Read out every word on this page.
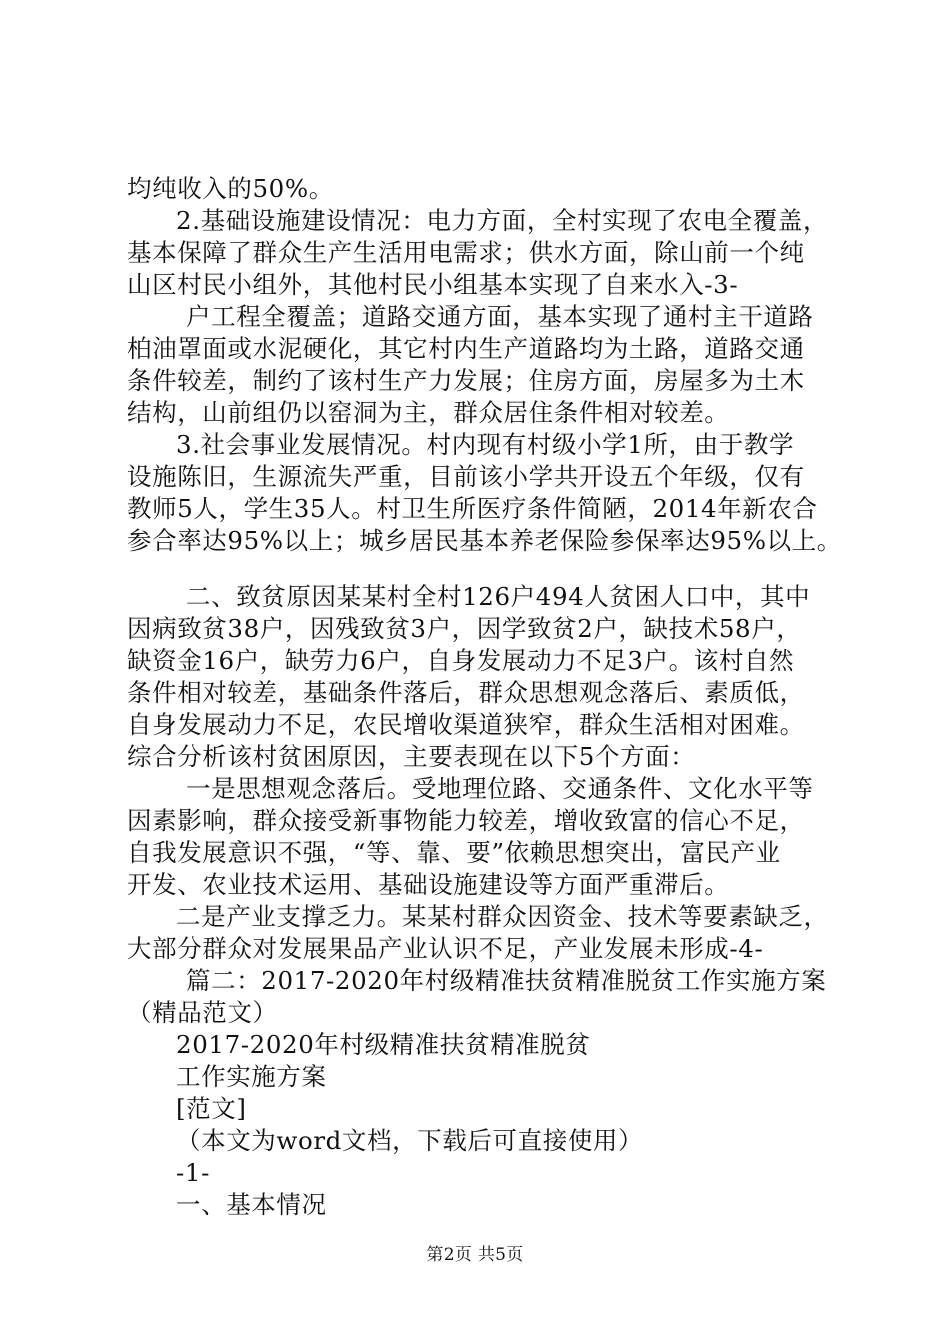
均纯收入的50%。
2.基础设施建设情况：电力方面，全村实现了农电全覆盖，
基本保障了群众生产生活用电需求；供水方面，除山前一个纯
山区村民小组外，其他村民小组基本实现了自来水入-3-
户工程全覆盖；道路交通方面，基本实现了通村主干道路
柏油罩面或水泥硬化，其它村内生产道路均为土路，道路交通
条件较差，制约了该村生产力发展；住房方面，房屋多为土木
结构，山前组仍以窑洞为主，群众居住条件相对较差。
3.社会事业发展情况。村内现有村级小学1所，由于教学
设施陈旧，生源流失严重，目前该小学共开设五个年级，仅有
教师5人，学生35人。村卫生所医疗条件简陋，2014年新农合
参合率达95%以上；城乡居民基本养老保险参保率达95%以上。
二、致贫原因某某村全村126户494人贫困人口中，其中
因病致贫38户，因残致贫3户，因学致贫2户，缺技术58户，
缺资金16户，缺劳力6户，自身发展动力不足3户。该村自然
条件相对较差，基础条件落后，群众思想观念落后、素质低，
自身发展动力不足，农民增收渠道狭窄，群众生活相对困难。
综合分析该村贫困原因，主要表现在以下5个方面：
一是思想观念落后。受地理位路、交通条件、文化水平等
因素影响，群众接受新事物能力较差，增收致富的信心不足，
自我发展意识不强，“等、靠、要”依赖思想突出，富民产业
开发、农业技术运用、基础设施建设等方面严重滞后。
二是产业支撑乏力。某某村群众因资金、技术等要素缺乏，
大部分群众对发展果品产业认识不足，产业发展未形成-4-
篇二：2017-2020年村级精准扶贫精准脱贫工作实施方案
（精品范文）
2017-2020年村级精准扶贫精准脱贫
工作实施方案
[范文]
（本文为word文档，下载后可直接使用）
-1-
一、基本情况
第2页 共5页
